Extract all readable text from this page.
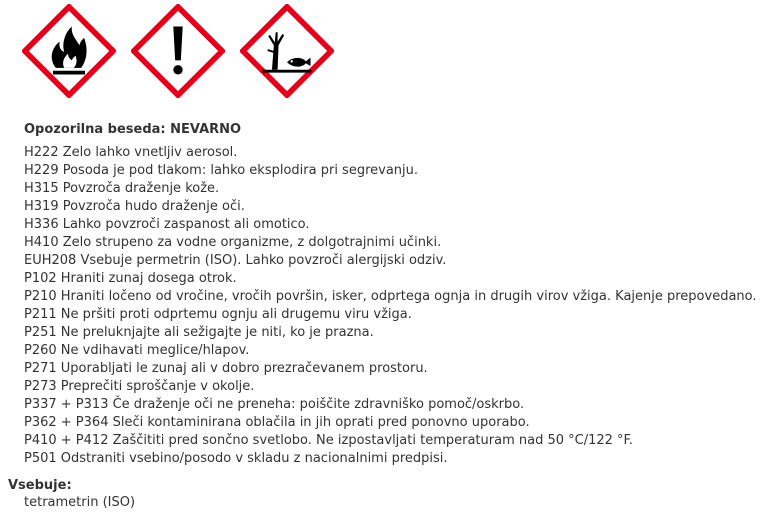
Opozorilna beseda: NEVARNO
H222 Zelo lahko vnetljiv aerosol.
H229 Posoda je pod tlakom: lahko eksplodira pri segrevanju.
H315 Povzroča draženje kože.
H319 Povzroča hudo draženje oči.
H336 Lahko povzroči zaspanost ali omotico.
H410 Zelo strupeno za vodne organizme, z dolgotrajnimi učinki.
EUH208 Vsebuje permetrin (ISO). Lahko povzroči alergijski odziv.
P102 Hraniti zunaj dosega otrok.
P210 Hraniti ločeno od vročine, vročih površin, isker, odprtega ognja in drugih virov vžiga. Kajenje prepovedano.
P211 Ne pršiti proti odprtemu ognju ali drugemu viru vžiga.
P251 Ne preluknjajte ali sežigajte je niti, ko je prazna.
P260 Ne vdihavati meglice/hlapov.
P271 Uporabljati le zunaj ali v dobro prezračevanem prostoru.
P273 Preprečiti sproščanje v okolje.
P337 + P313 Če draženje oči ne preneha: poiščite zdravniško pomoč/oskrbo.
P362 + P364 Sleči kontaminirana oblačila in jih oprati pred ponovno uporabo.
P410 + P412 Zaščititi pred sončno svetlobo. Ne izpostavljati temperaturam nad 50 °C/122 °F.
P501 Odstraniti vsebino/posodo v skladu z nacionalnimi predpisi.
Vsebuje:
tetrametrin (ISO)
